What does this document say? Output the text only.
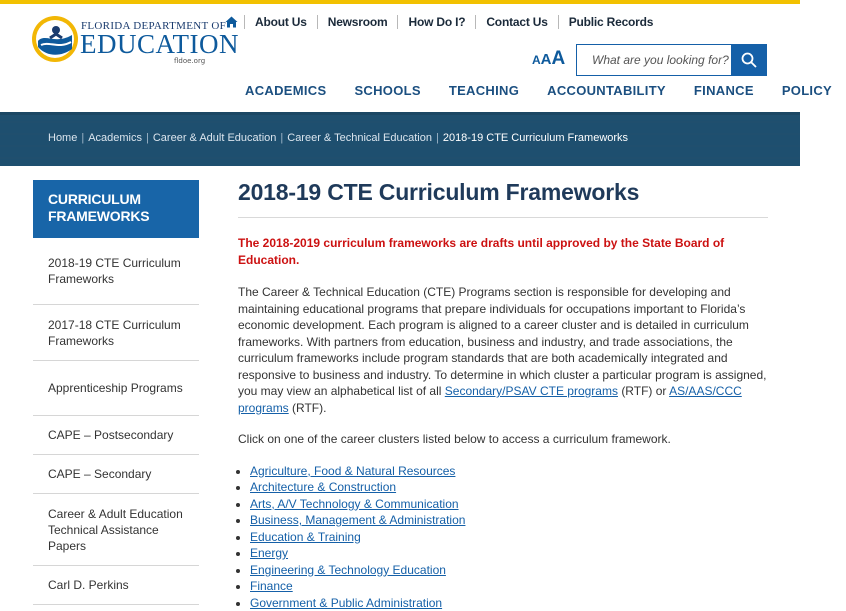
FLORIDA DEPARTMENT OF
EDUCATION
fldoe.org
About Us	Newsroom	How Do I?	Contact Us	Public Records
AAA
What are you looking for?
ACADEMICS	SCHOOLS	TEACHING	ACCOUNTABILITY	FINANCE	POLICY
Home | Academics | Career & Adult Education | Career & Technical Education | 2018-19 CTE Curriculum Frameworks
CURRICULUM FRAMEWORKS
2018-19 CTE Curriculum Frameworks
2017-18 CTE Curriculum Frameworks
Apprenticeship Programs
CAPE – Postsecondary
CAPE – Secondary
Career & Adult Education Technical Assistance Papers
Carl D. Perkins
2018-19 CTE Curriculum Frameworks

The 2018-2019 curriculum frameworks are drafts until approved by the State Board of Education.

The Career & Technical Education (CTE) Programs section is responsible for developing and maintaining educational programs that prepare individuals for occupations important to Florida’s economic development. Each program is aligned to a career cluster and is detailed in curriculum frameworks. With partners from education, business and industry, and trade associations, the curriculum frameworks include program standards that are both academically integrated and responsive to business and industry. To determine in which cluster a particular program is assigned, you may view an alphabetical list of all Secondary/PSAV CTE programs (RTF) or AS/AAS/CCC programs (RTF).

Click on one of the career clusters listed below to access a curriculum framework.

• Agriculture, Food & Natural Resources
• Architecture & Construction
• Arts, A/V Technology & Communication
• Business, Management & Administration
• Education & Training
• Energy
• Engineering & Technology Education
• Finance
• Government & Public Administration
